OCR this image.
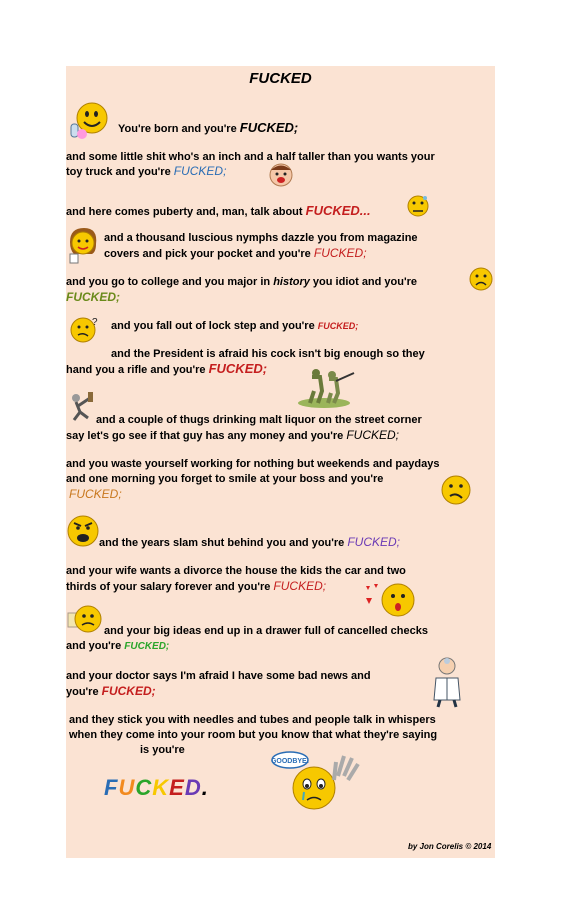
FUCKED
You're born and you're FUCKED;
and some little shit who's an inch and a half taller than you wants your
toy truck and you're FUCKED;
and here comes puberty and, man, talk about FUCKED...
and a thousand luscious nymphs dazzle you from magazine
covers and pick your pocket and you're FUCKED;
and you go to college and you major in history you idiot and you're
FUCKED;
? and you fall out of lock step and you're FUCKED;
and the President is afraid his cock isn't big enough so they
hand you a rifle and you're FUCKED;
and a couple of thugs drinking malt liquor on the street corner
say let's go see if that guy has any money and you're FUCKED;
and you waste yourself working for nothing but weekends and paydays
and one morning you forget to smile at your boss and you're
FUCKED;
and the years slam shut behind you and you're FUCKED;
and your wife wants a divorce the house the kids the car and two
thirds of your salary forever and you're FUCKED;
and your big ideas end up in a drawer full of cancelled checks
and you're FUCKED;
and your doctor says I'm afraid I have some bad news and
you're FUCKED;
and they stick you with needles and tubes and people talk in whispers
when they come into your room but you know that what they're saying
is you're
FUCKED.
GOODBYE!
by Jon Corelis © 2014
